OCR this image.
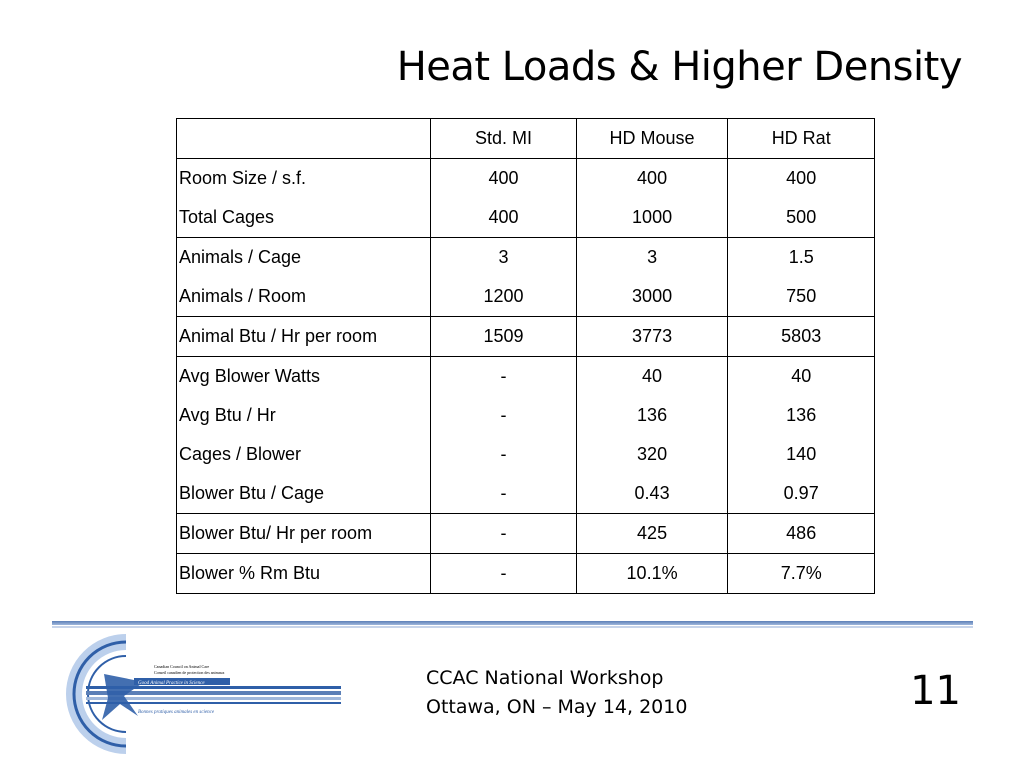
Heat Loads & Higher Density
	Std. MI	HD Mouse	HD Rat
Room Size / s.f.	400	400	400
Total Cages	400	1000	500
Animals / Cage	3	3	1.5
Animals / Room	1200	3000	750
Animal Btu / Hr per room	1509	3773	5803
Avg Blower Watts	-	40	40
Avg Btu / Hr	-	136	136
Cages / Blower	-	320	140
Blower Btu / Cage	-	0.43	0.97
Blower Btu/ Hr per room	-	425	486
Blower % Rm Btu	-	10.1%	7.7%
Canadian Council on Animal Care
Conseil canadien de protection des animaux
Good Animal Practice in Science
Bonnes pratiques animales en science
CCAC National Workshop
Ottawa, ON – May 14, 2010	11
